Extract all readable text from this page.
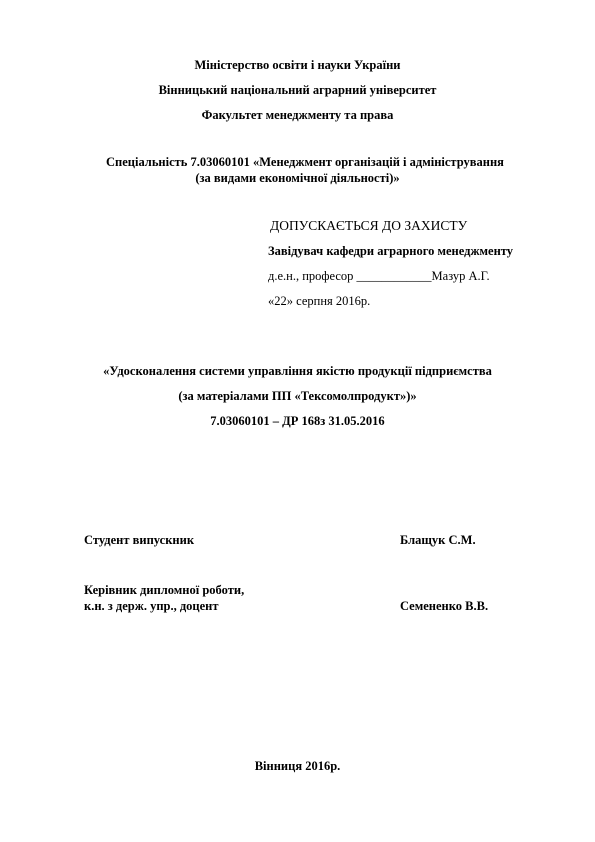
Міністерство освіти і науки України
Вінницький національний аграрний університет
Факультет менеджменту та права
Спеціальність 7.03060101 «Менеджмент організацій і адміністрування
(за видами економічної діяльності)»
ДОПУСКАЄТЬСЯ ДО ЗАХИСТУ
Завідувач кафедри аграрного менеджменту
д.е.н., професор ____________Мазур А.Г.
«22» серпня 2016р.
«Удосконалення системи управління якістю продукції підприємства
(за матеріалами ПП «Тексомолпродукт»)»
7.03060101 – ДР 168з 31.05.2016
Студент випускник	Блащук С.М.
Керівник дипломної роботи,
к.н. з держ. упр., доцент	Семененко В.В.
Вінниця 2016р.
